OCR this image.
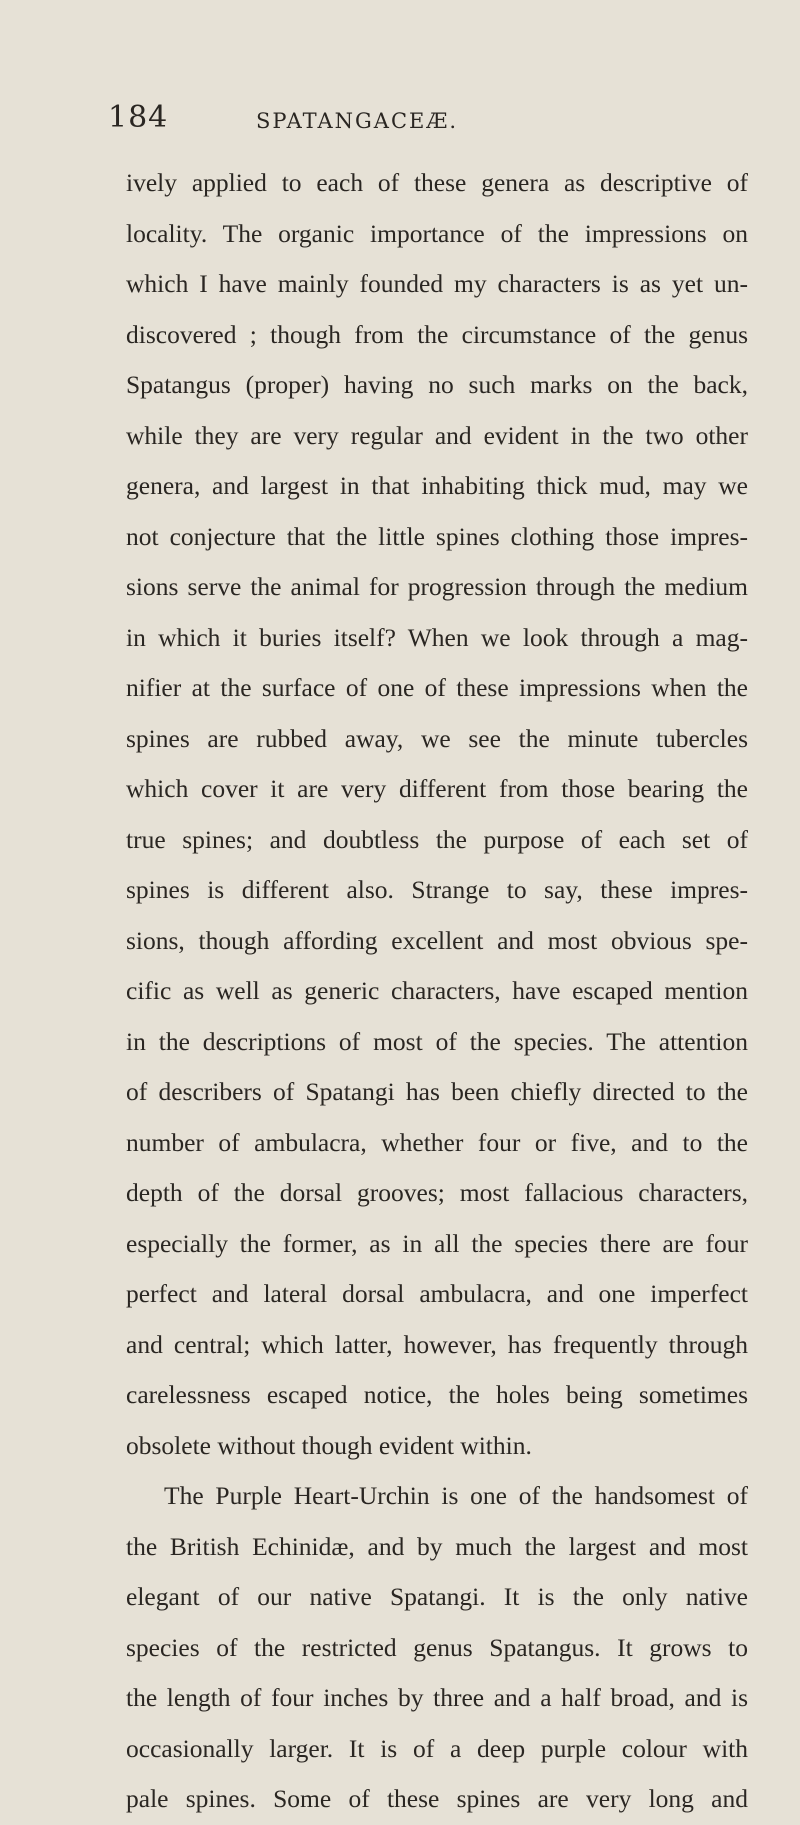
184	SPATANGACEÆ.
ively applied to each of these genera as descriptive of
locality. The organic importance of the impressions on
which I have mainly founded my characters is as yet un-
discovered ; though from the circumstance of the genus
Spatangus (proper) having no such marks on the back,
while they are very regular and evident in the two other
genera, and largest in that inhabiting thick mud, may we
not conjecture that the little spines clothing those impres-
sions serve the animal for progression through the medium
in which it buries itself? When we look through a mag-
nifier at the surface of one of these impressions when the
spines are rubbed away, we see the minute tubercles
which cover it are very different from those bearing the
true spines; and doubtless the purpose of each set of
spines is different also. Strange to say, these impres-
sions, though affording excellent and most obvious spe-
cific as well as generic characters, have escaped mention
in the descriptions of most of the species. The attention
of describers of Spatangi has been chiefly directed to the
number of ambulacra, whether four or five, and to the
depth of the dorsal grooves; most fallacious characters,
especially the former, as in all the species there are four
perfect and lateral dorsal ambulacra, and one imperfect
and central; which latter, however, has frequently through
carelessness escaped notice, the holes being sometimes
obsolete without though evident within.
The Purple Heart-Urchin is one of the handsomest of
the British Echinidæ, and by much the largest and most
elegant of our native Spatangi. It is the only native
species of the restricted genus Spatangus. It grows to
the length of four inches by three and a half broad, and is
occasionally larger. It is of a deep purple colour with
pale spines. Some of these spines are very long and
